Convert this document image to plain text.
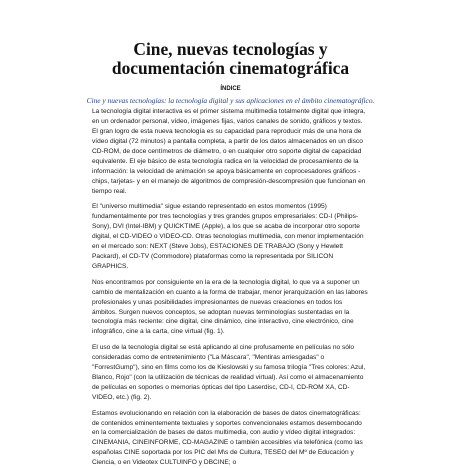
Cine, nuevas tecnologías y documentación cinematográfica
ÍNDICE
Cine y nuevas tecnologías: la tecnología digital y sus aplicaciones en el ámbito cinematográfico.

La tecnología digital interactiva es el primer sistema multimedia totalmente digital que integra, en un ordenador personal, vídeo, imágenes fijas, varios canales de sonido, gráficos y textos. El gran logro de esta nueva tecnología es su capacidad para reproducir más de una hora de vídeo digital (72 minutos) a pantalla completa, a partir de los datos almacenados en un disco CD-ROM, de doce centímetros de diámetro, o en cualquier otro soporte digital de capacidad equivalente. El eje básico de esta tecnología radica en la velocidad de procesamiento de la información: la velocidad de animación se apoya básicamente en coprocesadores gráficos -chips, tarjetas- y en el manejo de algoritmos de compresión-descompresión que funcionan en tiempo real.

El "universo multimedia" sigue estando representado en estos momentos (1995) fundamentalmente por tres tecnologías y tres grandes grupos empresariales: CD-I (Philips-Sony), DVI (Intel-IBM) y QUICKTIME (Apple), a los que se acaba de incorporar otro soporte digital, el CD-VIDEO o VIDEO-CD. Otras tecnologías multimedia, con menor implementación en el mercado son: NEXT (Steve Jobs), ESTACIONES DE TRABAJO (Sony y Hewlett Packard), el CD-TV (Commodore) plataformas como la representada por SILICON GRAPHICS.

Nos encontramos por consiguiente en la era de la tecnología digital, lo que va a suponer un cambio de mentalización en cuanto a la forma de trabajar, menor jerarquización en las labores profesionales y unas posibilidades impresionantes de nuevas creaciones en todos los ámbitos. Surgen nuevos conceptos, se adoptan nuevas terminologías sustentadas en la tecnología más reciente: cine digital, cine dinámico, cine interactivo, cine electrónico, cine infográfico, cine a la carta, cine virtual (fig. 1).

El uso de la tecnología digital se está aplicando al cine profusamente en películas no sólo consideradas como de entretenimiento ("La Máscara", "Mentiras arriesgadas" o "ForrestGump"), sino en films como los de Kieslowski y su famosa trilogía "Tres colores: Azul, Blanco, Rojo" (con la utilización de técnicas de realidad virtual). Así como el almacenamiento de películas en soportes o memorias ópticas del tipo Laserdisc, CD-I, CD-ROM XA, CD-VIDEO, etc.) (fig. 2).

Estamos evolucionando en relación con la elaboración de bases de datos cinematográficas: de contenidos eminentemente textuales y soportes convencionales estamos desembocando en la comercialización de bases de datos multimedia, con audio y vídeo digital integrados: CINEMANIA, CINEINFORME, CD-MAGAZINE o también accesibles vía telefónica (como las españolas CINE soportada por los PIC del M\s de Cultura, TESEO del Mº de Educación y Ciencia, o en Videotex CULTUINFO y DBCINE; o
